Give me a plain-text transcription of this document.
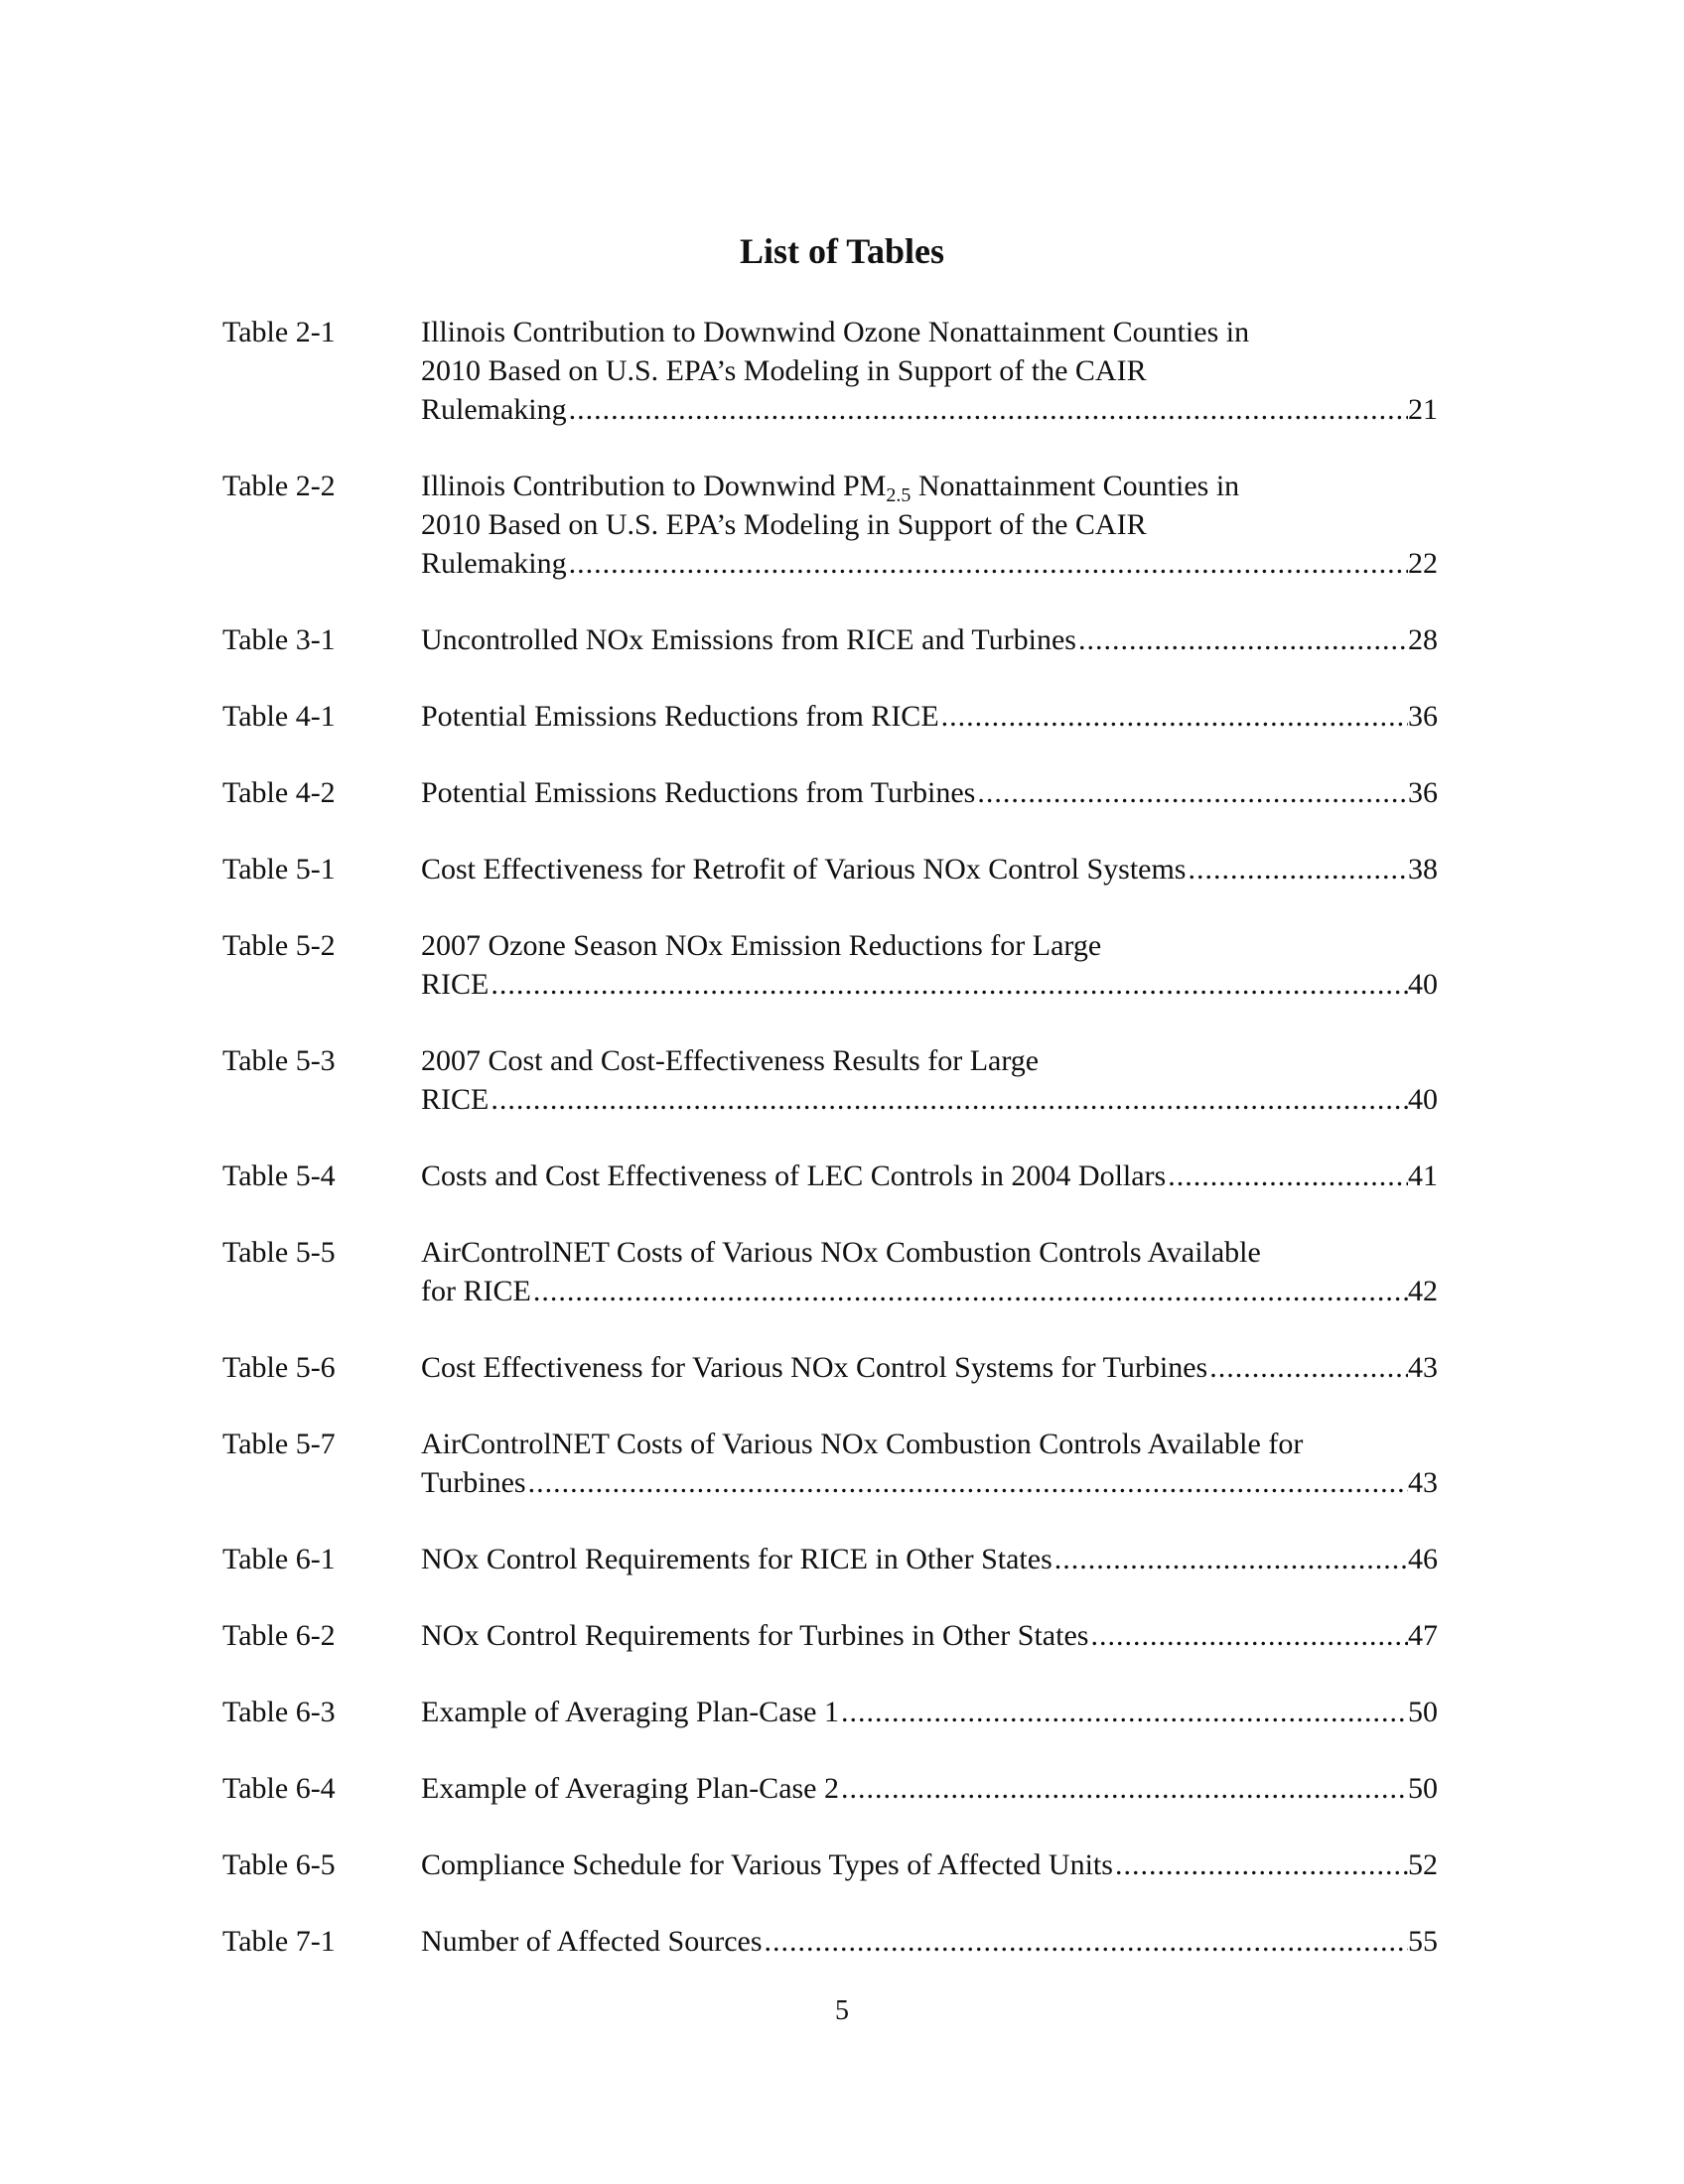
List of Tables
Table 2-1	Illinois Contribution to Downwind Ozone Nonattainment Counties in
2010 Based on U.S. EPA’s Modeling in Support of the CAIR
Rulemaking .....	21
Table 2-2	Illinois Contribution to Downwind $PM_{2.5}$ Nonattainment Counties in
2010 Based on U.S. EPA’s Modeling in Support of the CAIR
Rulemaking .....	22
Table 3-1	Uncontrolled NOx Emissions from RICE and Turbines .....	28
Table 4-1	Potential Emissions Reductions from RICE .....	36
Table 4-2	Potential Emissions Reductions from Turbines .....	36
Table 5-1	Cost Effectiveness for Retrofit of Various NOx Control Systems .....	38
Table 5-2	2007 Ozone Season NOx Emission Reductions for Large
RICE .....	40
Table 5-3	2007 Cost and Cost-Effectiveness Results for Large
RICE .....	40
Table 5-4	Costs and Cost Effectiveness of LEC Controls in 2004 Dollars .....	41
Table 5-5	AirControlNET Costs of Various NOx Combustion Controls Available
for RICE .....	42
Table 5-6	Cost Effectiveness for Various NOx Control Systems for Turbines .....	43
Table 5-7	AirControlNET Costs of Various NOx Combustion Controls Available for
Turbines .....	43
Table 6-1	NOx Control Requirements for RICE in Other States .....	46
Table 6-2	NOx Control Requirements for Turbines in Other States .....	47
Table 6-3	Example of Averaging Plan-Case 1 .....	50
Table 6-4	Example of Averaging Plan-Case 2 .....	50
Table 6-5	Compliance Schedule for Various Types of Affected Units .....	52
Table 7-1	Number of Affected Sources .....	55
5
